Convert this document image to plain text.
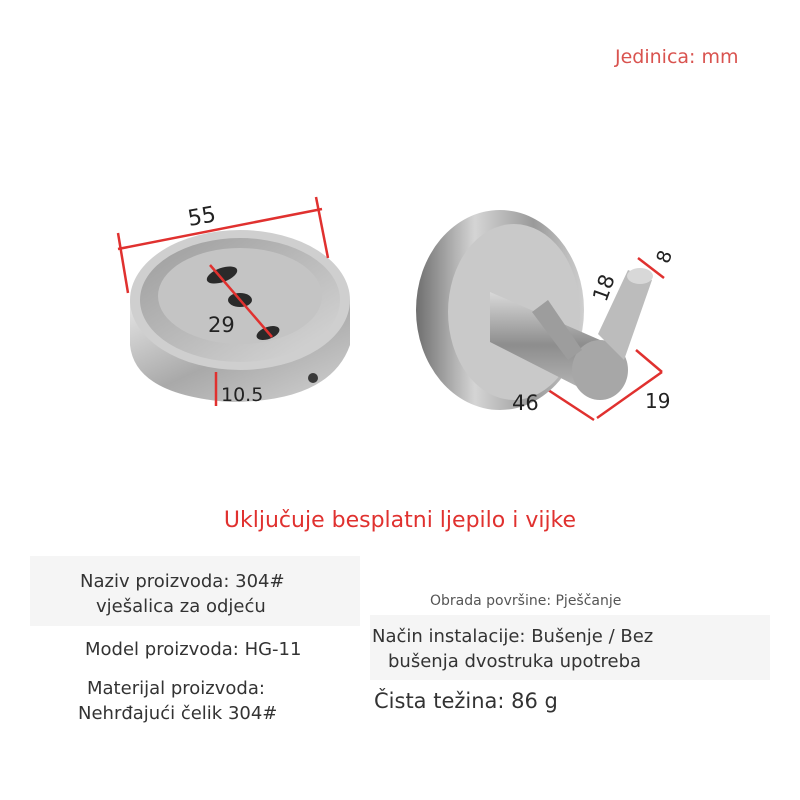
Jedinica: mm
55
29
10.5	46
18
8
19
Uključuje besplatni ljepilo i vijke
Naziv proizvoda: 304#
vješalica za odjeću
Model proizvoda: HG-11
Materijal proizvoda:
Nehrđajući čelik 304#
Obrada površine: Pješčanje
Način instalacije: Bušenje / Bez
bušenja dvostruka upotreba
Čista težina: 86 g
